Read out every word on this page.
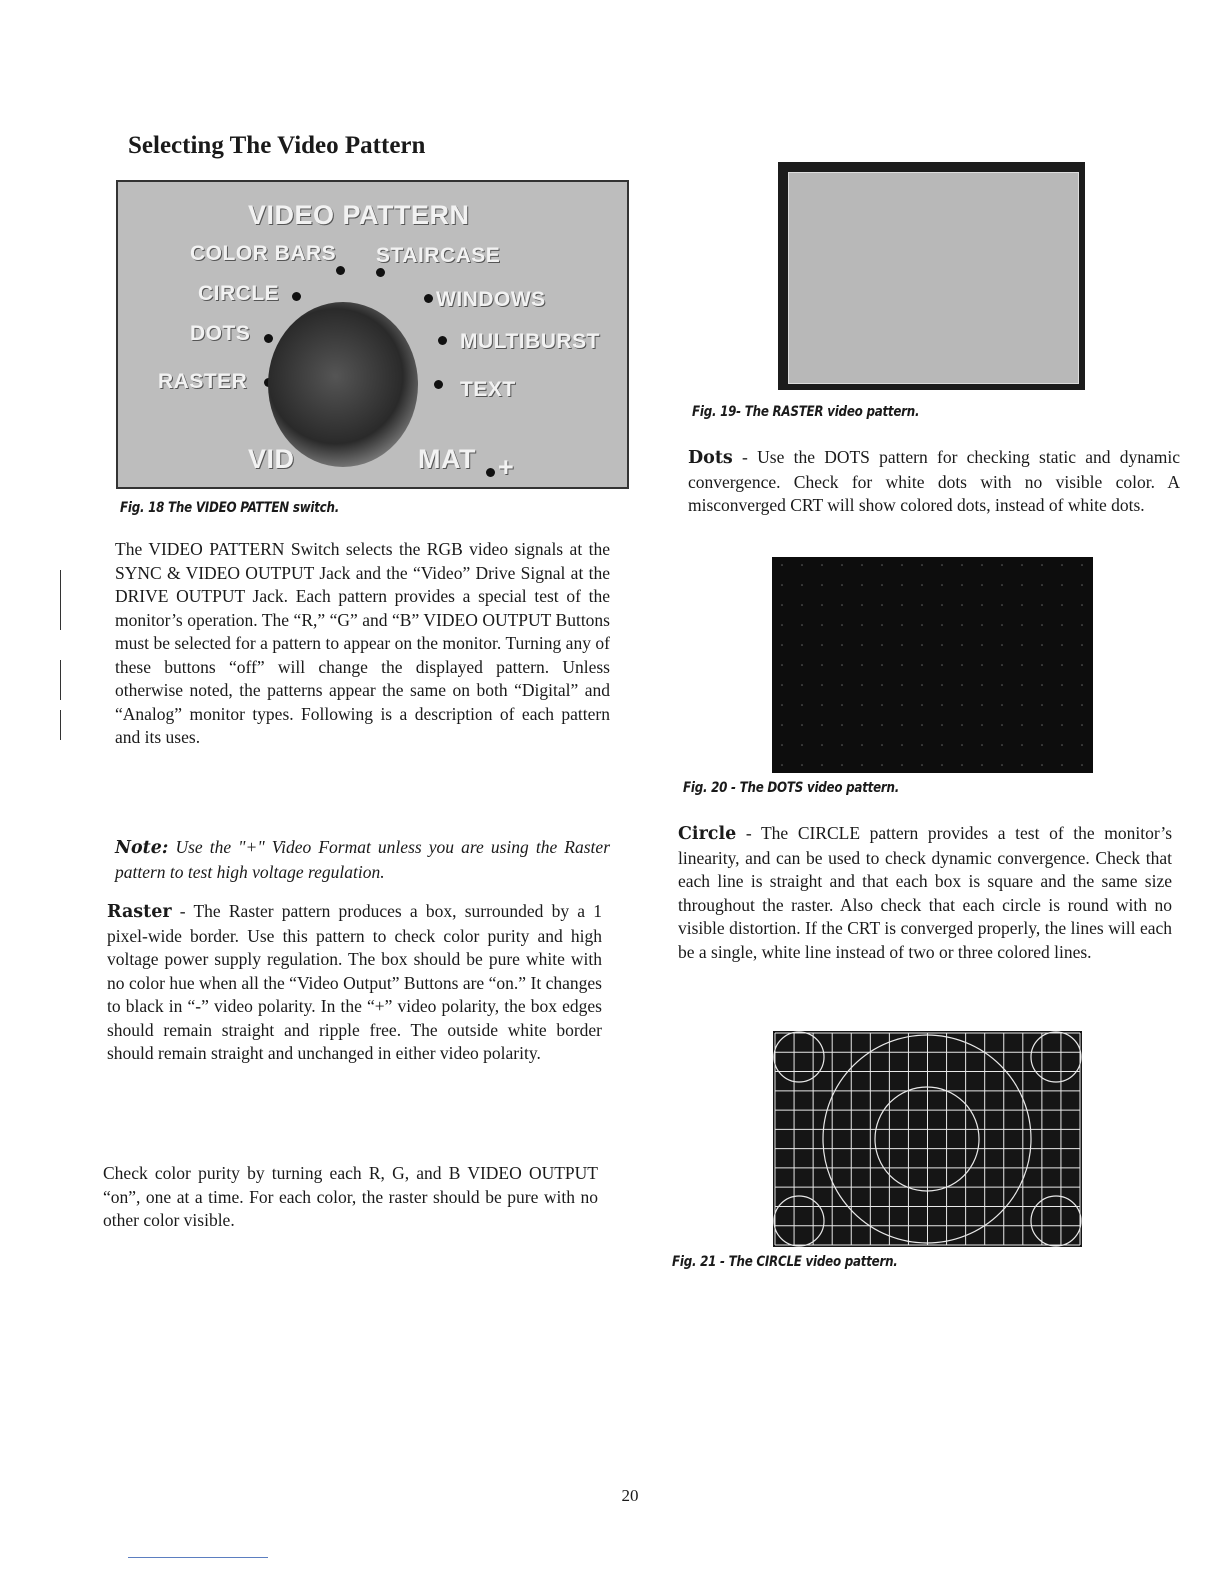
Selecting The Video Pattern
VIDEO PATTERN
COLOR BARS
CIRCLE
DOTS
RASTER
STAIRCASE
WINDOWS
MULTIBURST
TEXT
VID	MAT +
Fig. 18 The VIDEO PATTEN switch.

The VIDEO PATTERN Switch selects the RGB video signals at the SYNC & VIDEO OUTPUT Jack and the “Video” Drive Signal at the DRIVE OUTPUT Jack. Each pattern provides a special test of the monitor’s operation. The “R,” “G” and “B” VIDEO OUTPUT Buttons must be selected for a pattern to appear on the monitor. Turning any of these buttons “off” will change the displayed pattern. Unless otherwise noted, the patterns appear the same on both “Digital” and “Analog” monitor types. Following is a description of each pattern and its uses.

Note: Use the "+" Video Format unless you are using the Raster pattern to test high voltage regulation.

Raster - The Raster pattern produces a box, surrounded by a 1 pixel-wide border. Use this pattern to check color purity and high voltage power supply regulation. The box should be pure white with no color hue when all the “Video Output” Buttons are “on.” It changes to black in “-” video polarity. In the “+” video polarity, the box edges should remain straight and ripple free. The outside white border should remain straight and unchanged in either video polarity.

Check color purity by turning each R, G, and B VIDEO OUTPUT “on”, one at a time. For each color, the raster should be pure with no other color visible.

Fig. 19- The RASTER video pattern.

Dots - Use the DOTS pattern for checking static and dynamic convergence. Check for white dots with no visible color. A misconverged CRT will show colored dots, instead of white dots.

Fig. 20 - The DOTS video pattern.

Circle - The CIRCLE pattern provides a test of the monitor’s linearity, and can be used to check dynamic convergence. Check that each line is straight and that each box is square and the same size throughout the raster. Also check that each circle is round with no visible distortion. If the CRT is converged properly, the lines will each be a single, white line instead of two or three colored lines.

Fig. 21 - The CIRCLE video pattern.
20
